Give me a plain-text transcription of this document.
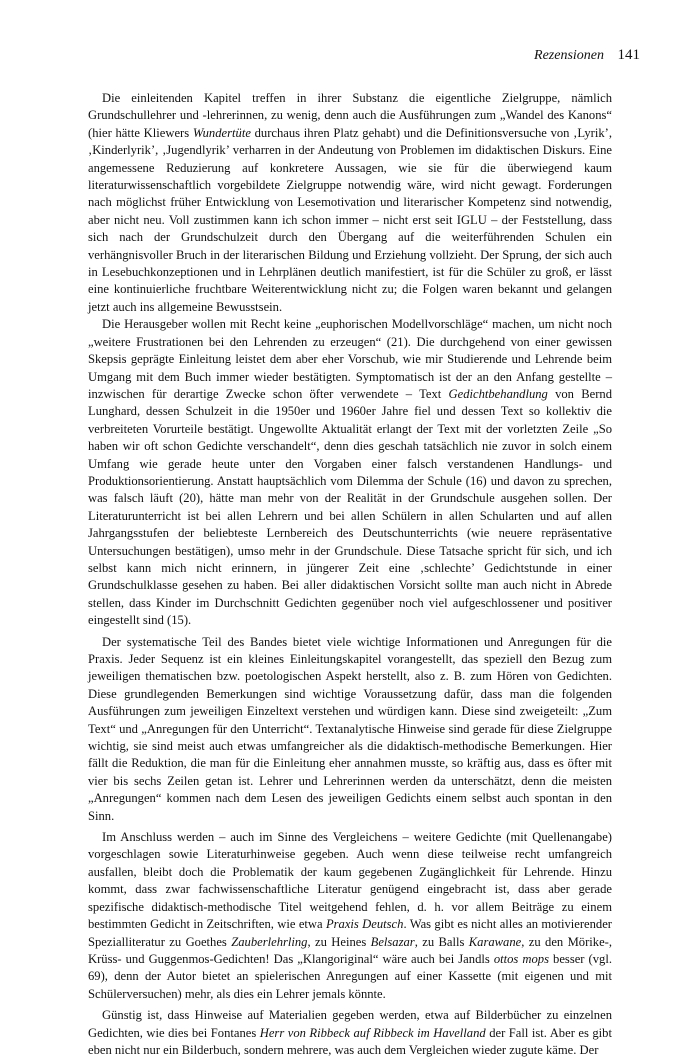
Rezensionen 141

Die einleitenden Kapitel treffen in ihrer Substanz die eigentliche Zielgruppe, nämlich Grundschullehrer und -lehrerinnen, zu wenig, denn auch die Ausführungen zum „Wandel des Kanons“ (hier hätte Kliewers Wundertüte durchaus ihren Platz gehabt) und die Definitionsversuche von ‚Lyrik’, ‚Kinderlyrik’, ‚Jugendlyrik’ verharren in der Andeutung von Problemen im didaktischen Diskurs. Eine angemessene Reduzierung auf konkretere Aussagen, wie sie für die überwiegend kaum literaturwissenschaftlich vorgebildete Zielgruppe notwendig wäre, wird nicht gewagt. Forderungen nach möglichst früher Entwicklung von Lesemotivation und literarischer Kompetenz sind notwendig, aber nicht neu. Voll zustimmen kann ich schon immer – nicht erst seit IGLU – der Feststellung, dass sich nach der Grundschulzeit durch den Übergang auf die weiterführenden Schulen ein verhängnisvoller Bruch in der literarischen Bildung und Erziehung vollzieht. Der Sprung, der sich auch in Lesebuchkonzeptionen und in Lehrplänen deutlich manifestiert, ist für die Schüler zu groß, er lässt eine kontinuierliche fruchtbare Weiterentwicklung nicht zu; die Folgen waren bekannt und gelangen jetzt auch ins allgemeine Bewusstsein.

Die Herausgeber wollen mit Recht keine „euphorischen Modellvorschläge“ machen, um nicht noch „weitere Frustrationen bei den Lehrenden zu erzeugen“ (21). Die durchgehend von einer gewissen Skepsis geprägte Einleitung leistet dem aber eher Vorschub, wie mir Studierende und Lehrende beim Umgang mit dem Buch immer wieder bestätigten. Symptomatisch ist der an den Anfang gestellte – inzwischen für derartige Zwecke schon öfter verwendete – Text Gedichtbehandlung von Bernd Lunghard, dessen Schulzeit in die 1950er und 1960er Jahre fiel und dessen Text so kollektiv die verbreiteten Vorurteile bestätigt. Ungewollte Aktualität erlangt der Text mit der vorletzten Zeile „So haben wir oft schon Gedichte verschandelt“, denn dies geschah tatsächlich nie zuvor in solch einem Umfang wie gerade heute unter den Vorgaben einer falsch verstandenen Handlungs- und Produktionsorientierung. Anstatt hauptsächlich vom Dilemma der Schule (16) und davon zu sprechen, was falsch läuft (20), hätte man mehr von der Realität in der Grundschule ausgehen sollen. Der Literaturunterricht ist bei allen Lehrern und bei allen Schülern in allen Schularten und auf allen Jahrgangsstufen der beliebteste Lernbereich des Deutschunterrichts (wie neuere repräsentative Untersuchungen bestätigen), umso mehr in der Grundschule. Diese Tatsache spricht für sich, und ich selbst kann mich nicht erinnern, in jüngerer Zeit eine ‚schlechte’ Gedichtstunde in einer Grundschulklasse gesehen zu haben. Bei aller didaktischen Vorsicht sollte man auch nicht in Abrede stellen, dass Kinder im Durchschnitt Gedichten gegenüber noch viel aufgeschlossener und positiver eingestellt sind (15).

Der systematische Teil des Bandes bietet viele wichtige Informationen und Anregungen für die Praxis. Jeder Sequenz ist ein kleines Einleitungskapitel vorangestellt, das speziell den Bezug zum jeweiligen thematischen bzw. poetologischen Aspekt herstellt, also z. B. zum Hören von Gedichten. Diese grundlegenden Bemerkungen sind wichtige Voraussetzung dafür, dass man die folgenden Ausführungen zum jeweiligen Einzeltext verstehen und würdigen kann. Diese sind zweigeteilt: „Zum Text“ und „Anregungen für den Unterricht“. Textanalytische Hinweise sind gerade für diese Zielgruppe wichtig, sie sind meist auch etwas umfangreicher als die didaktisch-methodische Bemerkungen. Hier fällt die Reduktion, die man für die Einleitung eher annahmen musste, so kräftig aus, dass es öfter mit vier bis sechs Zeilen getan ist. Lehrer und Lehrerinnen werden da unterschätzt, denn die meisten „Anregungen“ kommen nach dem Lesen des jeweiligen Gedichts einem selbst auch spontan in den Sinn.

Im Anschluss werden – auch im Sinne des Vergleichens – weitere Gedichte (mit Quellenangabe) vorgeschlagen sowie Literaturhinweise gegeben. Auch wenn diese teilweise recht umfangreich ausfallen, bleibt doch die Problematik der kaum gegebenen Zugänglichkeit für Lehrende. Hinzu kommt, dass zwar fachwissenschaftliche Literatur genügend eingebracht ist, dass aber gerade spezifische didaktisch-methodische Titel weitgehend fehlen, d. h. vor allem Beiträge zu einem bestimmten Gedicht in Zeitschriften, wie etwa Praxis Deutsch. Was gibt es nicht alles an motivierender Spezialliteratur zu Goethes Zauberlehrling, zu Heines Belsazar, zu Balls Karawane, zu den Mörike-, Krüss- und Guggenmos-Gedichten! Das „Klangoriginal“ wäre auch bei Jandls ottos mops besser (vgl. 69), denn der Autor bietet an spielerischen Anregungen auf einer Kassette (mit eigenen und mit Schülerversuchen) mehr, als dies ein Lehrer jemals könnte.

Günstig ist, dass Hinweise auf Materialien gegeben werden, etwa auf Bilderbücher zu einzelnen Gedichten, wie dies bei Fontanes Herr von Ribbeck auf Ribbeck im Havelland der Fall ist. Aber es gibt eben nicht nur ein Bilderbuch, sondern mehrere, was auch dem Vergleichen wieder zugute käme. Der
